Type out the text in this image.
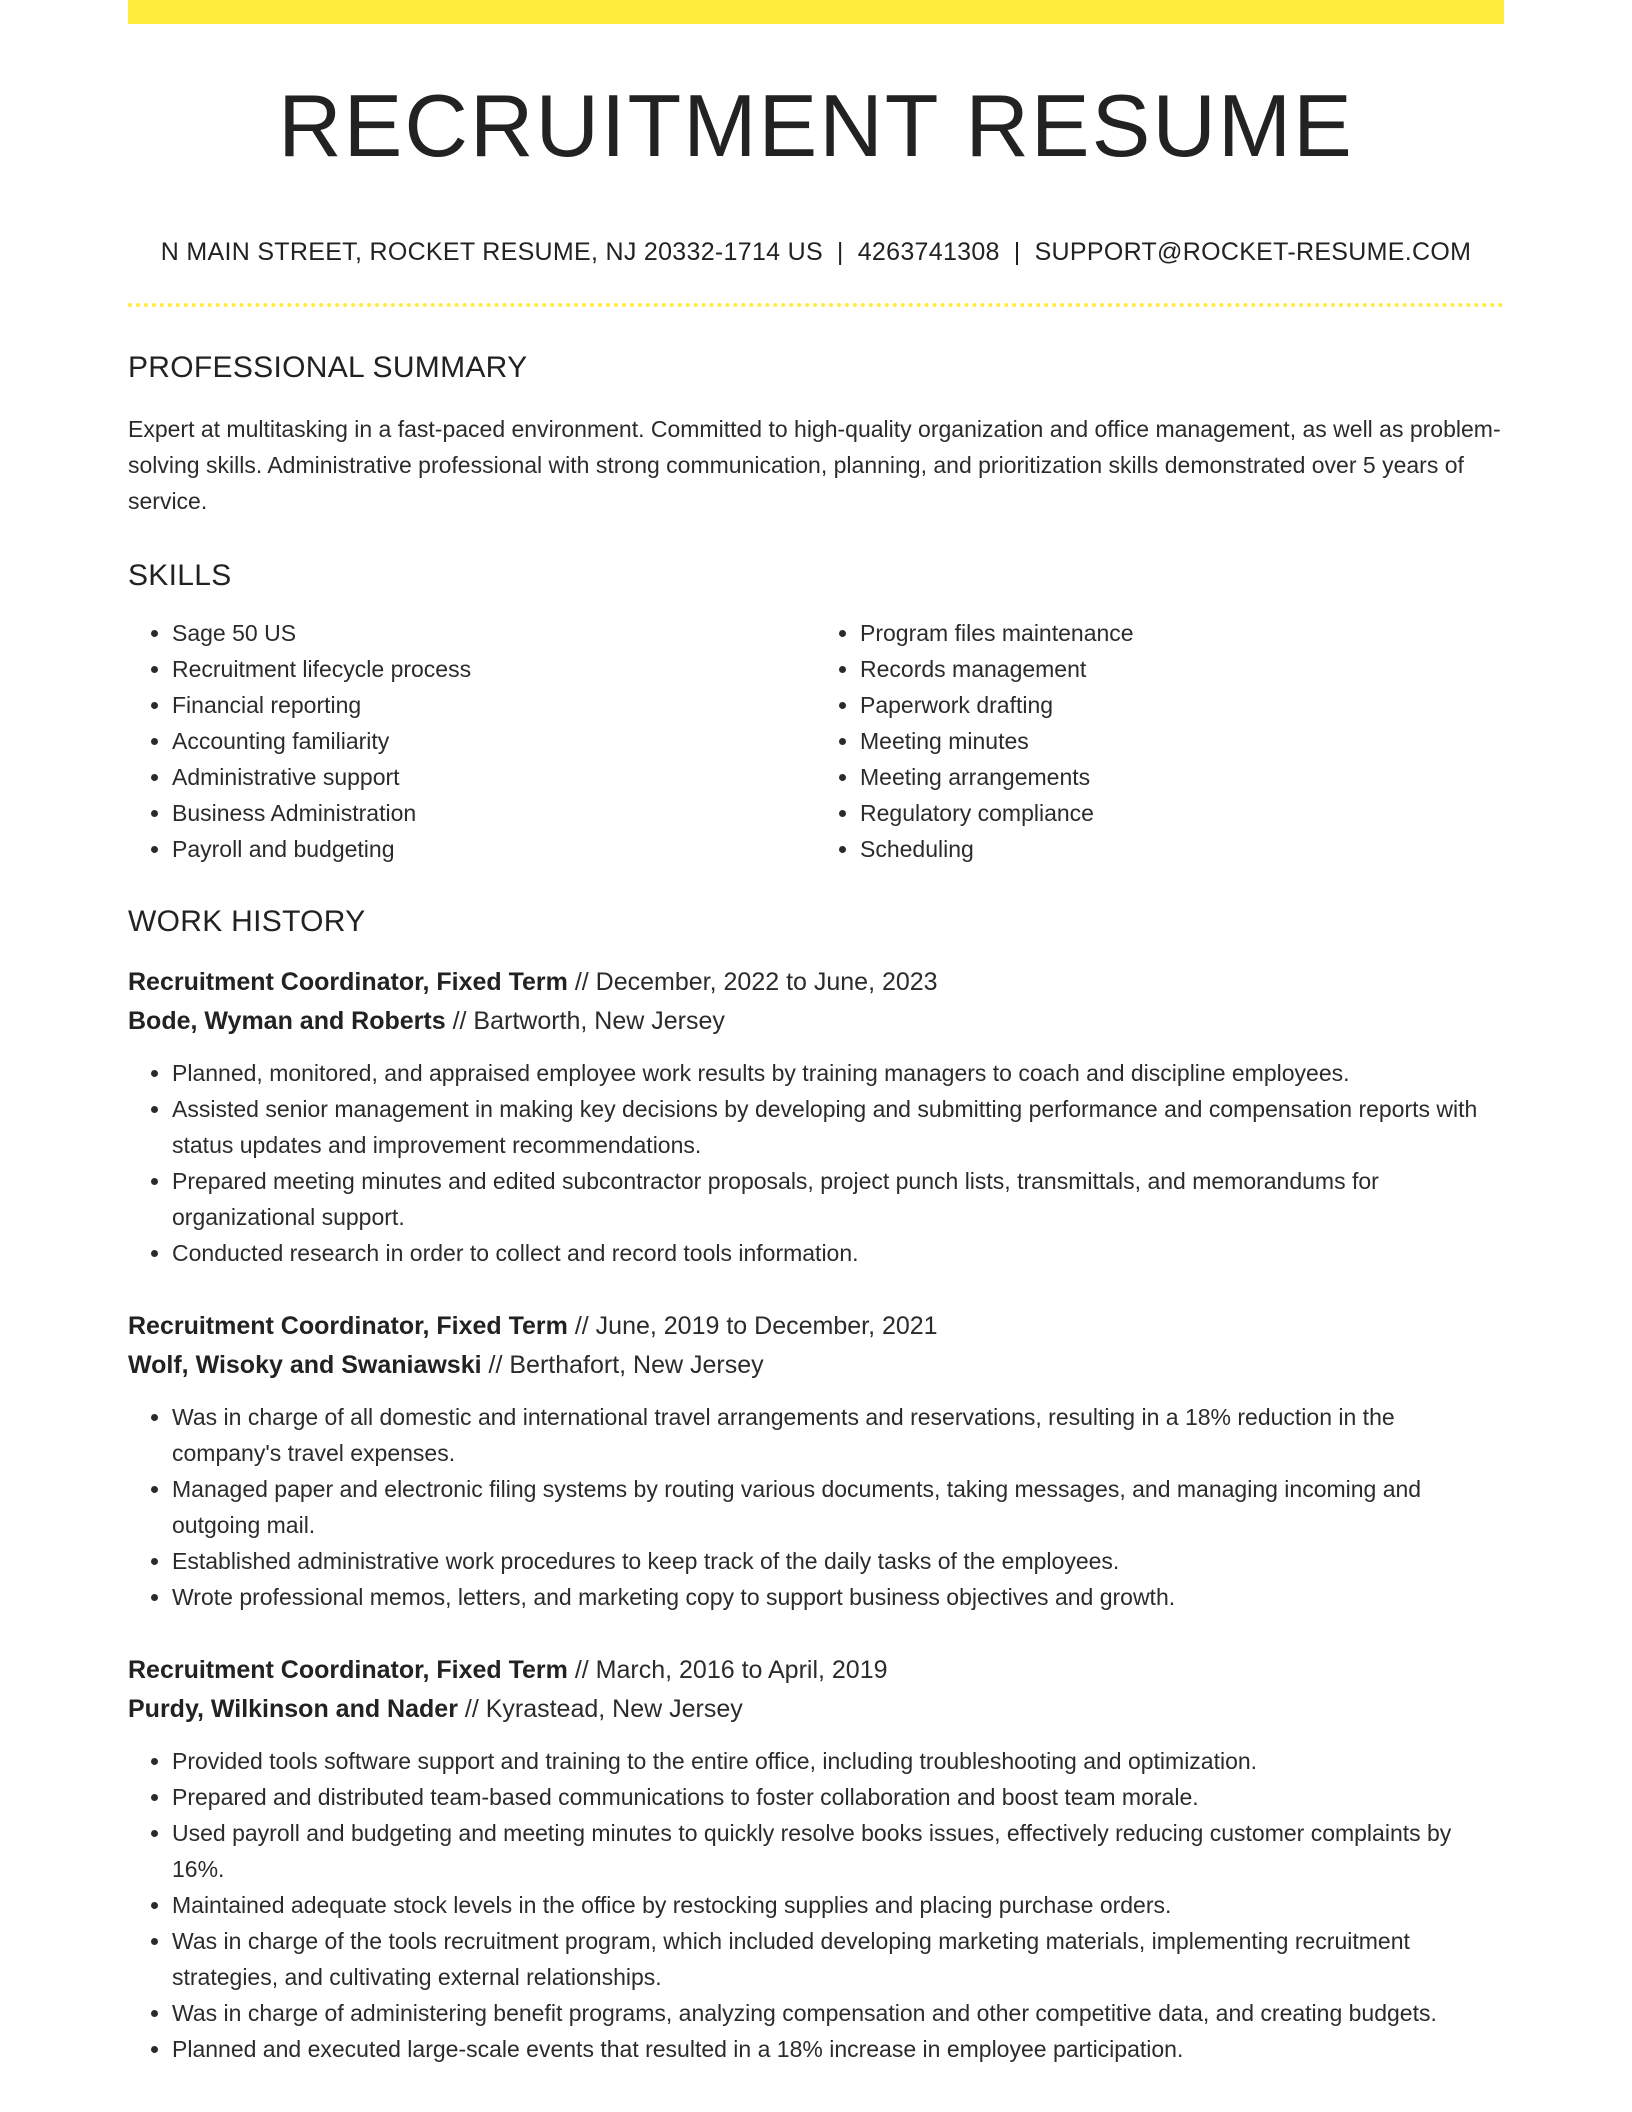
RECRUITMENT RESUME
N MAIN STREET, ROCKET RESUME, NJ 20332-1714 US | 4263741308 | SUPPORT@ROCKET-RESUME.COM
PROFESSIONAL SUMMARY

Expert at multitasking in a fast-paced environment. Committed to high-quality organization and office management, as well as problem-solving skills. Administrative professional with strong communication, planning, and prioritization skills demonstrated over 5 years of service.

SKILLS
• Sage 50 US
• Recruitment lifecycle process
• Financial reporting
• Accounting familiarity
• Administrative support
• Business Administration
• Payroll and budgeting
• Program files maintenance
• Records management
• Paperwork drafting
• Meeting minutes
• Meeting arrangements
• Regulatory compliance
• Scheduling
WORK HISTORY
Recruitment Coordinator, Fixed Term // December, 2022 to June, 2023
Bode, Wyman and Roberts // Bartworth, New Jersey
• Planned, monitored, and appraised employee work results by training managers to coach and discipline employees.
• Assisted senior management in making key decisions by developing and submitting performance and compensation reports with status updates and improvement recommendations.
• Prepared meeting minutes and edited subcontractor proposals, project punch lists, transmittals, and memorandums for organizational support.
• Conducted research in order to collect and record tools information.
Recruitment Coordinator, Fixed Term // June, 2019 to December, 2021
Wolf, Wisoky and Swaniawski // Berthafort, New Jersey
• Was in charge of all domestic and international travel arrangements and reservations, resulting in a 18% reduction in the company's travel expenses.
• Managed paper and electronic filing systems by routing various documents, taking messages, and managing incoming and outgoing mail.
• Established administrative work procedures to keep track of the daily tasks of the employees.
• Wrote professional memos, letters, and marketing copy to support business objectives and growth.
Recruitment Coordinator, Fixed Term // March, 2016 to April, 2019
Purdy, Wilkinson and Nader // Kyrastead, New Jersey
• Provided tools software support and training to the entire office, including troubleshooting and optimization.
• Prepared and distributed team-based communications to foster collaboration and boost team morale.
• Used payroll and budgeting and meeting minutes to quickly resolve books issues, effectively reducing customer complaints by 16%.
• Maintained adequate stock levels in the office by restocking supplies and placing purchase orders.
• Was in charge of the tools recruitment program, which included developing marketing materials, implementing recruitment strategies, and cultivating external relationships.
• Was in charge of administering benefit programs, analyzing compensation and other competitive data, and creating budgets.
• Planned and executed large-scale events that resulted in a 18% increase in employee participation.
